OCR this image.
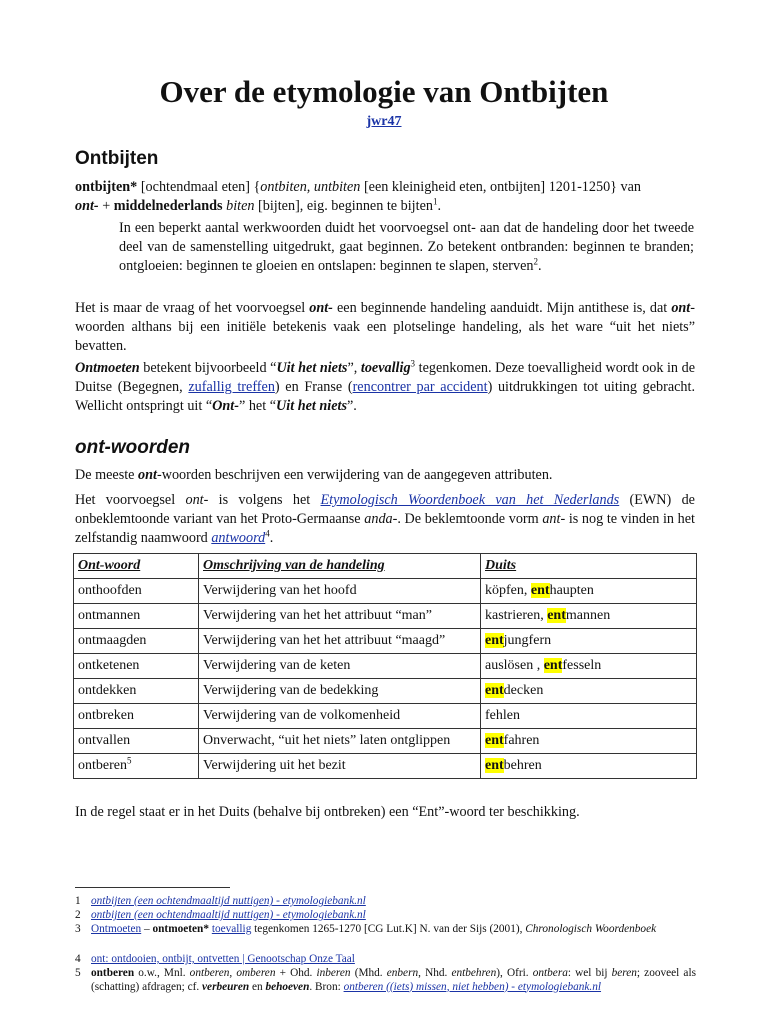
Over de etymologie van Ontbijten
jwr47
Ontbijten
ontbijten* [ochtendmaal eten] {ontbiten, untbiten [een kleinigheid eten, ontbijten] 1201-1250} van
ont- + middelnederlands biten [bijten], eig. beginnen te bijten$^1$.
In een beperkt aantal werkwoorden duidt het voorvoegsel ont- aan dat de handeling door het tweede deel van de samenstelling uitgedrukt, gaat beginnen. Zo betekent ontbranden: beginnen te branden; ontgloeien: beginnen te gloeien en ontslapen: beginnen te slapen, sterven$^2$.
Het is maar de vraag of het voorvoegsel ont- een beginnende handeling aanduidt. Mijn antithese is, dat ont-woorden althans bij een initiële betekenis vaak een plotselinge handeling, als het ware “uit het niets” bevatten.
Ontmoeten betekent bijvoorbeeld “Uit het niets”, toevallig$^3$ tegenkomen. Deze toevalligheid wordt ook in de Duitse (Begegnen, zufallig treffen) en Franse (rencontrer par accident) uitdrukkingen tot uiting gebracht. Wellicht ontspringt uit “Ont-” het “Uit het niets”.
ont-woorden
De meeste ont-woorden beschrijven een verwijdering van de aangegeven attributen.
Het voorvoegsel ont- is volgens het Etymologisch Woordenboek van het Nederlands (EWN) de onbeklemtoonde variant van het Proto-Germaanse anda-. De beklemtoonde vorm ant- is nog te vinden in het zelfstandig naamwoord antwoord$^4$.
Ont-woord	Omschrijving van de handeling	Duits
onthoofden	Verwijdering van het hoofd	köpfen, enthaupten
ontmannen	Verwijdering van het het attribuut “man”	kastrieren, entmannen
ontmaagden	Verwijdering van het het attribuut “maagd”	entjungfern
ontketenen	Verwijdering van de keten	auslösen , entfesseln
ontdekken	Verwijdering van de bedekking	entdecken
ontbreken	Verwijdering van de volkomenheid	fehlen
ontvallen	Onverwacht, “uit het niets” laten ontglippen	entfahren
ontberen$^5$	Verwijdering uit het bezit	entbehren
In de regel staat er in het Duits (behalve bij ontbreken) een “Ent”-woord ter beschikking.
1 ontbijten (een ochtendmaaltijd nuttigen) - etymologiebank.nl
2 ontbijten (een ochtendmaaltijd nuttigen) - etymologiebank.nl
3 Ontmoeten – ontmoeten* toevallig tegenkomen 1265-1270 [CG Lut.K] N. van der Sijs (2001), Chronologisch Woordenboek
4 ont: ontdooien, ontbijt, ontvetten | Genootschap Onze Taal
5 ontberen o.w., Mnl. ontberen, omberen + Ohd. inberen (Mhd. enbern, Nhd. entbehren), Ofri. ontbera: wel bij beren; zooveel als (schatting) afdragen; cf. verbeuren en behoeven. Bron: ontberen ((iets) missen, niet hebben) - etymologiebank.nl
